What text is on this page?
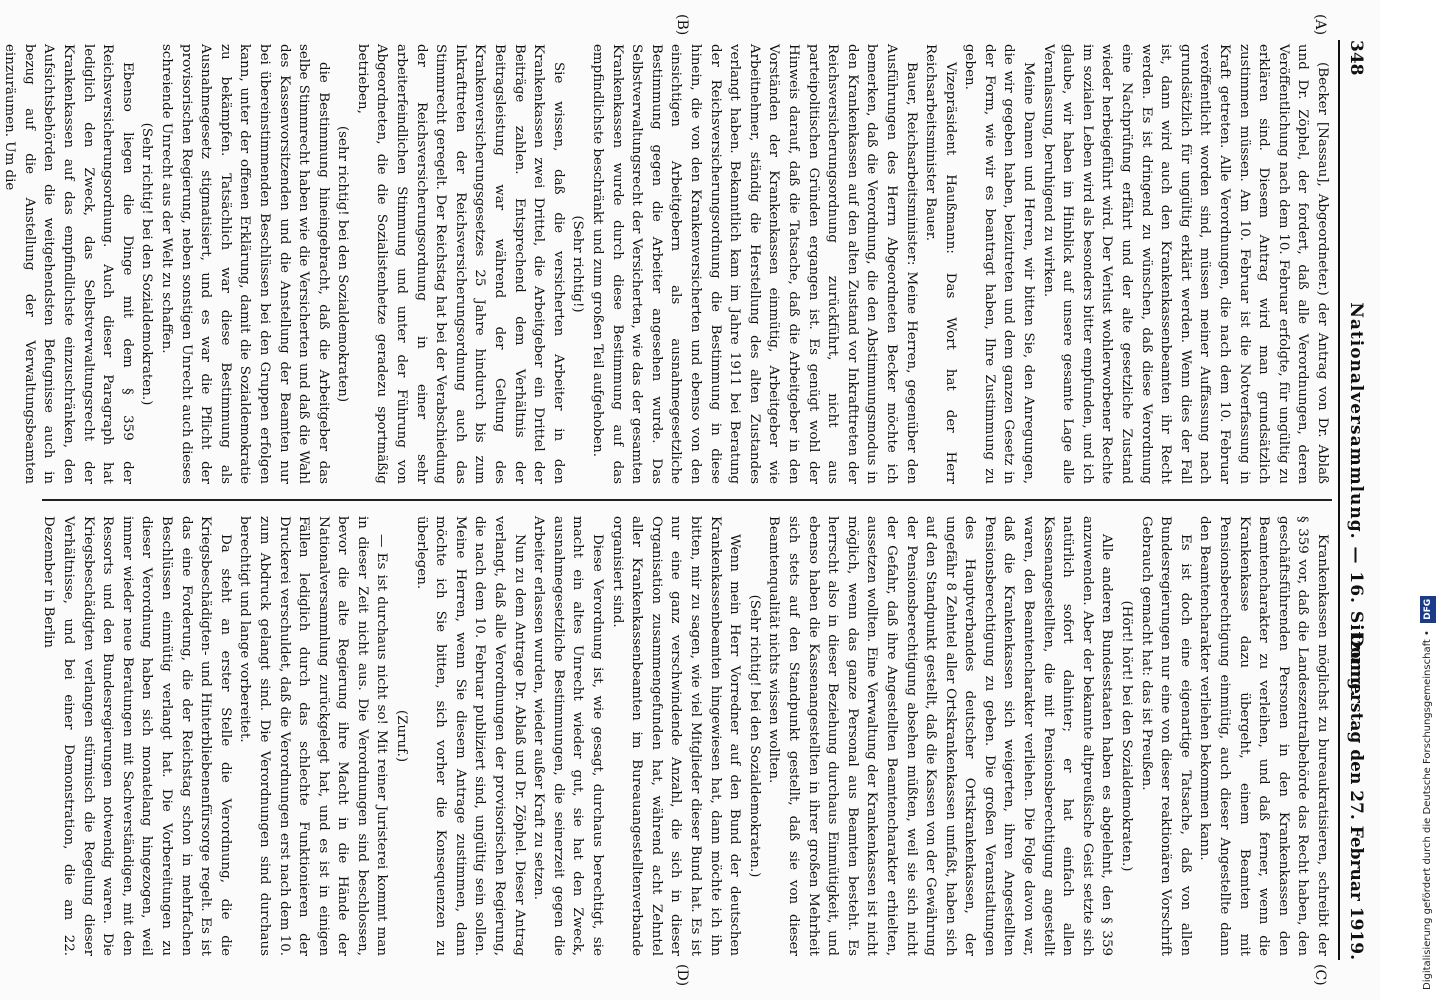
348
Nationalversammlung. — 16. Sitzung.
Donnerstag den 27. Februar 1919.
(A)
(B)
(C)
(D)

(Becker [Nassau], Abgeordneter.) der Antrag von Dr. Ablaß und Dr. Zöphel, der fordert, daß alle Verordnungen, deren Veröffentlichung nach dem 10. Februar erfolgte, für ungültig zu erklären sind. Diesem Antrag wird man grundsätzlich zustimmen müssen. Am 10. Februar ist die Notverfassung in Kraft getreten. Alle Verordnungen, die nach dem 10. Februar veröffentlicht worden sind, müssen meiner Auffassung nach grundsätzlich für ungültig erklärt werden. Wenn dies der Fall ist, dann wird auch den Krankenkassenbeamten ihr Recht werden. Es ist dringend zu wünschen, daß diese Verordnung eine Nachprüfung erfährt und der alte gesetzliche Zustand wieder herbeigeführt wird. Der Verlust wohlerworbener Rechte im sozialen Leben wird als besonders bitter empfunden, und ich glaube, wir haben im Hinblick auf unsere gesamte Lage alle Veranlassung, beruhigend zu wirken.

Meine Damen und Herren, wir bitten Sie, den Anregungen, die wir gegeben haben, beizutreten und dem ganzen Gesetz in der Form, wie wir es beantragt haben, Ihre Zustimmung zu geben.

Vizepräsident Haußmann: Das Wort hat der Herr Reichsarbeitsminister Bauer.

Bauer, Reichsarbeitsminister: Meine Herren, gegenüber den Ausführungen des Herrn Abgeordneten Becker möchte ich bemerken, daß die Verordnung, die den Abstimmungsmodus in den Krankenkassen auf den alten Zustand vor Inkrafttreten der Reichsversicherungsordnung zurückführt, nicht aus parteipolitischen Gründen ergangen ist. Es genügt wohl der Hinweis darauf, daß die Tatsache, daß die Arbeitgeber in den Vorständen der Krankenkassen einmütig, Arbeitgeber wie Arbeitnehmer, ständig die Herstellung des alten Zustandes verlangt haben. Bekanntlich kam im Jahre 1911 bei Beratung der Reichsversicherungsordnung die Bestimmung in diese hinein, die von den Krankenversicherten und ebenso von den einsichtigen Arbeitgebern als ausnahmegesetzliche Bestimmung gegen die Arbeiter angesehen wurde. Das Selbstverwaltungsrecht der Versicherten, wie das der gesamten Krankenkassen wurde durch diese Bestimmung auf das empfindlichste beschränkt und zum großen Teil aufgehoben.

(Sehr richtig!)

Sie wissen, daß die versicherten Arbeiter in den Krankenkassen zwei Drittel, die Arbeitgeber ein Drittel der Beiträge zahlen. Entsprechend dem Verhältnis der Beitragsleistung war während der Geltung des Krankenversicherungsgesetzes 25 Jahre hindurch bis zum Inkrafttreten der Reichsversicherungsordnung auch das Stimmrecht geregelt. Der Reichstag hat bei der Verabschiedung der Reichsversicherungsordnung in einer sehr arbeiterfeindlichen Stimmung und unter der Führung von Abgeordneten, die die Sozialistenhetze geradezu sportmäßig betrieben,

(sehr richtig! bei den Sozialdemokraten)

die Bestimmung hineingebracht, daß die Arbeitgeber das selbe Stimmrecht haben wie die Versicherten und daß die Wahl des Kassenvorsitzenden und die Anstellung der Beamten nur bei übereinstimmenden Beschlüssen bei den Gruppen erfolgen kann, unter der offenen Erklärung, damit die Sozialdemokratie zu bekämpfen. Tatsächlich war diese Bestimmung als Ausnahmegesetz stigmatisiert, und es war die Pflicht der provisorischen Regierung, neben sonstigen Unrecht auch dieses schreiende Unrecht aus der Welt zu schaffen.

(Sehr richtig! bei den Sozialdemokraten.)

Ebenso liegen die Dinge mit dem § 359 der Reichsversicherungsordnung. Auch dieser Paragraph hat lediglich den Zweck, das Selbstverwaltungsrecht der Krankenkassen auf das empfindlichste einzuschränken, den Aufsichtsbehörden die weitgehendsten Befugnisse auch in bezug auf die Anstellung der Verwaltungsbeamten einzuräumen. Um die

Krankenkassen möglichst zu bureaukratisieren, schreibt der § 359 vor, daß die Landeszentralbehörde das Recht haben, den geschäftsführenden Personen in den Krankenkassen den Beamtencharakter zu verleihen, und daß ferner, wenn die Krankenkasse dazu übergeht, einem Beamten mit Pensionsberechtigung einmütig, auch dieser Angestellte dann den Beamtencharakter verliehen bekommen kann.

Es ist doch eine eigenartige Tatsache, daß von allen Bundesregierungen nur eine von dieser reaktionären Vorschrift Gebrauch gemacht hat: das ist Preußen.

(Hört! hört! bei den Sozialdemokraten.)

Alle anderen Bundesstaaten haben es abgelehnt, den § 359 anzuwenden. Aber der bekannte altpreußische Geist setzte sich natürlich sofort dahinter; er hat einfach allen Kassenangestellten, die mit Pensionsberechtigung angestellt waren, den Beamtencharakter verliehen. Die Folge davon war, daß die Krankenkassen sich weigerten, ihren Angestellten Pensionsberechtigung zu geben. Die großen Veranstaltungen des Hauptverbandes deutscher Ortskrankenkassen, der ungefähr 8 Zehntel aller Ortskrankenkassen umfaßt, haben sich auf den Standpunkt gestellt, daß die Kassen von der Gewährung der Pensionsberechtigung absehen müßten, weil sie sich nicht der Gefahr, daß ihre Angestellten Beamtencharakter erhielten, aussetzen wollten. Eine Verwaltung der Krankenkassen ist nicht möglich, wenn das ganze Personal aus Beamten besteht. Es herrscht also in dieser Beziehung durchaus Einmütigkeit, und ebenso haben die Kassenangestellten in ihrer großen Mehrheit sich stets auf den Standpunkt gestellt, daß sie von dieser Beamtenqualität nichts wissen wollten.

(Sehr richtig! bei den Sozialdemokraten.)

Wenn mein Herr Vorredner auf den Bund der deutschen Krankenkassenbeamten hingewiesen hat, dann möchte ich ihn bitten, mir zu sagen, wie viel Mitglieder dieser Bund hat. Es ist nur eine ganz verschwindende Anzahl, die sich in dieser Organisation zusammengefunden hat, während acht Zehntel aller Krankenkassenbeamten im Bureauangestelltenverbande organisiert sind.

Diese Verordnung ist, wie gesagt, durchaus berechtigt, sie macht ein altes Unrecht wieder gut, sie hat den Zweck, ausnahmegesetzliche Bestimmungen, die seinerzeit gegen die Arbeiter erlassen wurden, wieder außer Kraft zu setzen.

Nun zu dem Antrage Dr. Ablaß und Dr. Zöphel. Dieser Antrag verlangt, daß alle Verordnungen der provisorischen Regierung, die nach dem 10. Februar publiziert sind, ungültig sein sollen. Meine Herren, wenn Sie diesem Antrage zustimmen, dann möchte ich Sie bitten, sich vorher die Konsequenzen zu überlegen.

(Zuruf.)

— Es ist durchaus nicht so! Mit reiner Juristerei kommt man in dieser Zeit nicht aus. Die Verordnungen sind beschlossen, bevor die alte Regierung ihre Macht in die Hände der Nationalversammlung zurückgelegt hat, und es ist in einigen Fällen lediglich durch das schlechte Funktionieren der Druckerei verschuldet, daß die Verordnungen erst nach dem 10. zum Abdruck gelangt sind. Die Verordnungen sind durchaus berechtigt und lange vorbereitet.

Da steht an erster Stelle die Verordnung, die die Kriegsbeschädigten- und Hinterbliebenenfürsorge regelt. Es ist das eine Forderung, die der Reichstag schon in mehrfachen Beschlüssen einmütig verlangt hat. Die Vorbereitungen zu dieser Verordnung haben sich monatelang hingezogen, weil immer wieder neue Beratungen mit Sachverständigen, mit den Ressorts und den Bundesregierungen notwendig waren. Die Kriegsbeschädigten verlangen stürmisch die Regelung dieser Verhältnisse, und bei einer Demonstration, die am 22. Dezember in Berlin

Digitalisierung gefördert durch die Deutsche Forschungsgemeinschaft • DFG
